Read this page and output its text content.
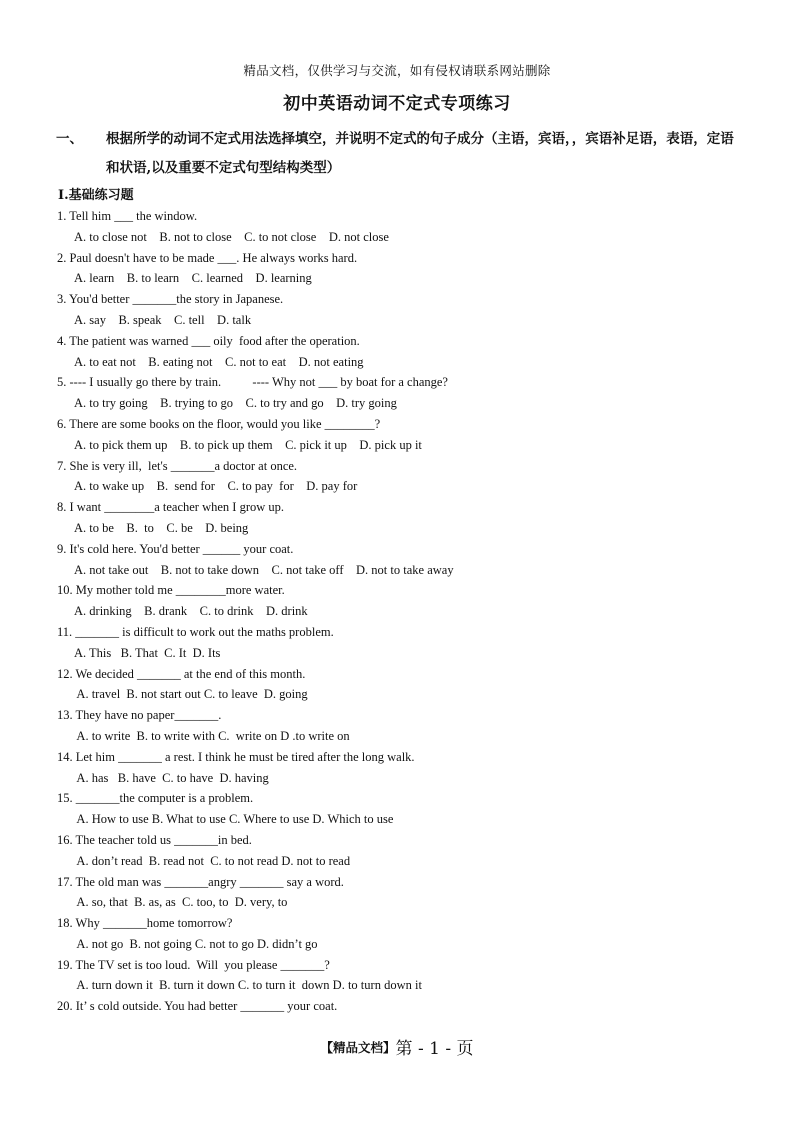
精品文档，仅供学习与交流，如有侵权请联系网站删除
初中英语动词不定式专项练习
一、	根据所学的动词不定式用法选择填空，并说明不定式的句子成分（主语，宾语，，宾语补足语，表语，定语和状语,以及重要不定式句型结构类型）
I.基础练习题
1. Tell him ___ the window.
A. to close not    B. not to close    C. to not close    D. not close
2. Paul doesn't have to be made ___. He always works hard.
A. learn    B. to learn    C. learned    D. learning
3. You'd better _______the story in Japanese.
A. say    B. speak    C. tell    D. talk
4. The patient was warned ___ oily  food after the operation.
A. to eat not    B. eating not    C. not to eat    D. not eating
5. ---- I usually go there by train.          ---- Why not ___ by boat for a change?
A. to try going    B. trying to go    C. to try and go    D. try going
6. There are some books on the floor, would you like ________?
A. to pick them up    B. to pick up them    C. pick it up    D. pick up it
7. She is very ill,  let's _______a doctor at once.
A. to wake up    B.  send for    C. to pay  for    D. pay for
8. I want ________a teacher when I grow up.
A. to be    B.  to    C. be    D. being
9. It's cold here. You'd better ______ your coat.
A. not take out    B. not to take down    C. not take off    D. not to take away
10. My mother told me ________more water.
A. drinking    B. drank    C. to drink    D. drink
11. _______ is difficult to work out the maths problem.
A. This   B. That  C. It  D. Its
12. We decided _______ at the end of this month.
A. travel  B. not start out C. to leave  D. going
13. They have no paper_______.
A. to write  B. to write with C.  write on D .to write on
14. Let him _______ a rest. I think he must be tired after the long walk.
A. has   B. have  C. to have  D. having
15. _______the computer is a problem.
A. How to use B. What to use C. Where to use D. Which to use
16. The teacher told us _______in bed.
A. don’t read  B. read not  C. to not read D. not to read
17. The old man was _______angry _______ say a word.
A. so, that  B. as, as  C. too, to  D. very, to
18. Why _______home tomorrow?
A. not go  B. not going C. not to go D. didn’t go
19. The TV set is too loud.  Will  you please _______?
A. turn down it  B. turn it down C. to turn it  down D. to turn down it
20. It’ s cold outside. You had better _______ your coat.
【精品文档】第 - 1 - 页
